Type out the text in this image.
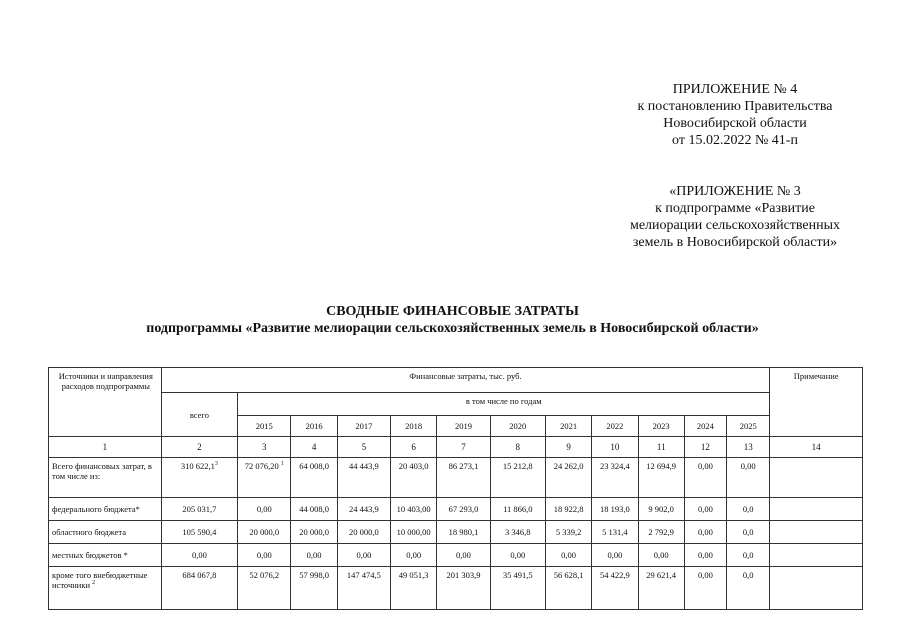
ПРИЛОЖЕНИЕ № 4
к постановлению Правительства
Новосибирской области
от 15.02.2022 № 41-п
«ПРИЛОЖЕНИЕ № 3
к подпрограмме «Развитие
мелиорации сельскохозяйственных
земель в Новосибирской области»
СВОДНЫЕ ФИНАНСОВЫЕ ЗАТРАТЫ
подпрограммы «Развитие мелиорации сельскохозяйственных земель в Новосибирской области»
Источники и направления расходов подпрограммы	Финансовые затраты, тыс. руб.												Примечание
	всего	в том числе по годам											
		2015	2016	2017	2018	2019	2020	2021	2022	2023	2024	2025	
1	2	3	4	5	6	7	8	9	10	11	12	13	14
Всего финансовых затрат, в том числе из:	310 622,1$^3$	72 076,20 $^1$	64 008,0	44 443,9	20 403,0	86 273,1	15 212,8	24 262,0	23 324,4	12 694,9	0,00	0,00	
федерального бюджета*	205 031,7	0,00	44 008,0	24 443,9	10 403,00	67 293,0	11 866,0	18 922,8	18 193,0	9 902,0	0,00	0,0	
областного бюджета	105 590,4	20 000,0	20 000,0	20 000,0	10 000,00	18 980,1	3 346,8	5 339,2	5 131,4	2 792,9	0,00	0,0	
местных бюджетов *	0,00	0,00	0,00	0,00	0,00	0,00	0,00	0,00	0,00	0,00	0,00	0,0	
кроме того внебюджетные источники $^2$	684 067,8	52 076,2	57 998,0	147 474,5	49 051,3	201 303,9	35 491,5	56 628,1	54 422,9	29 621,4	0,00	0,0	
